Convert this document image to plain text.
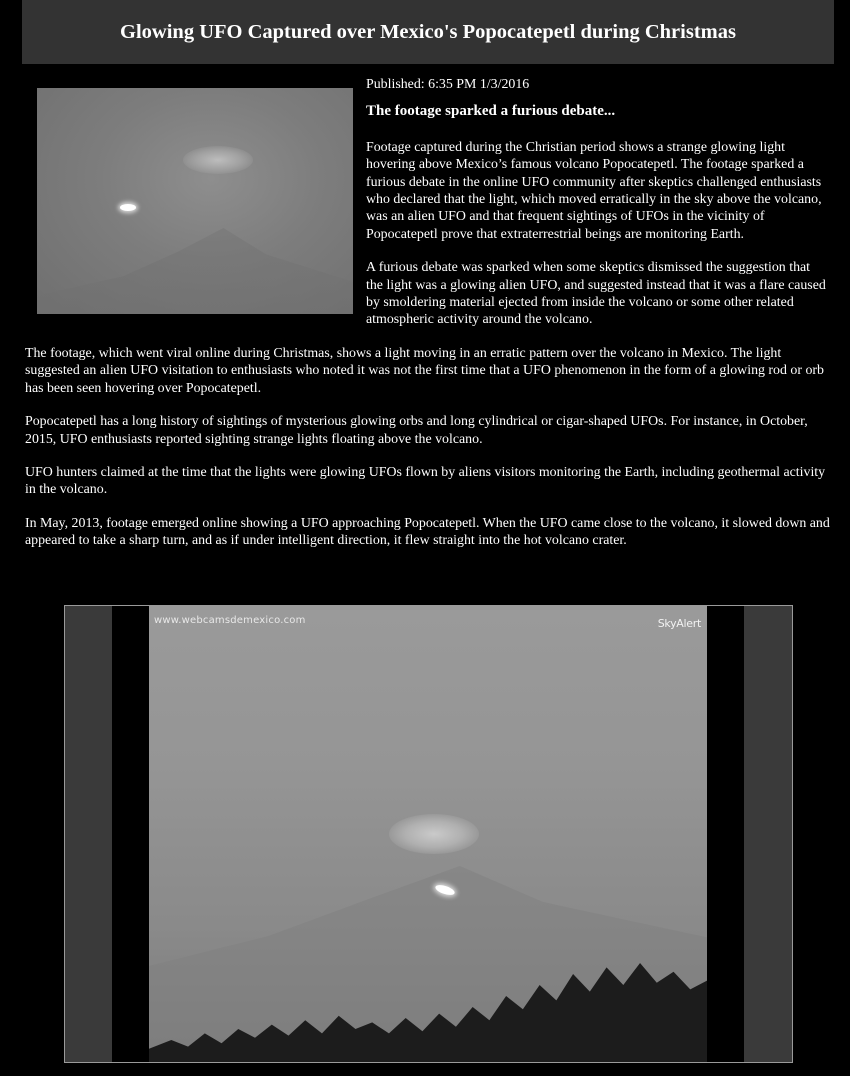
Glowing UFO Captured over Mexico's Popocatepetl during Christmas

Published: 6:35 PM 1/3/2016

The footage sparked a furious debate...

Footage captured during the Christian period shows a strange glowing light hovering above Mexico’s famous volcano Popocatepetl. The footage sparked a furious debate in the online UFO community after skeptics challenged enthusiasts who declared that the light, which moved erratically in the sky above the volcano, was an alien UFO and that frequent sightings of UFOs in the vicinity of Popocatepetl prove that extraterrestrial beings are monitoring Earth.

A furious debate was sparked when some skeptics dismissed the suggestion that the light was a glowing alien UFO, and suggested instead that it was a flare caused by smoldering material ejected from inside the volcano or some other related atmospheric activity around the volcano.

The footage, which went viral online during Christmas, shows a light moving in an erratic pattern over the volcano in Mexico. The light suggested an alien UFO visitation to enthusiasts who noted it was not the first time that a UFO phenomenon in the form of a glowing rod or orb has been seen hovering over Popocatepetl.

Popocatepetl has a long history of sightings of mysterious glowing orbs and long cylindrical or cigar-shaped UFOs. For instance, in October, 2015, UFO enthusiasts reported sighting strange lights floating above the volcano.

UFO hunters claimed at the time that the lights were glowing UFOs flown by aliens visitors monitoring the Earth, including geothermal activity in the volcano.

In May, 2013, footage emerged online showing a UFO approaching Popocatepetl. When the UFO came close to the volcano, it slowed down and appeared to take a sharp turn, and as if under intelligent direction, it flew straight into the hot volcano crater.

www.webcamsdemexico.com	SkyAlert
